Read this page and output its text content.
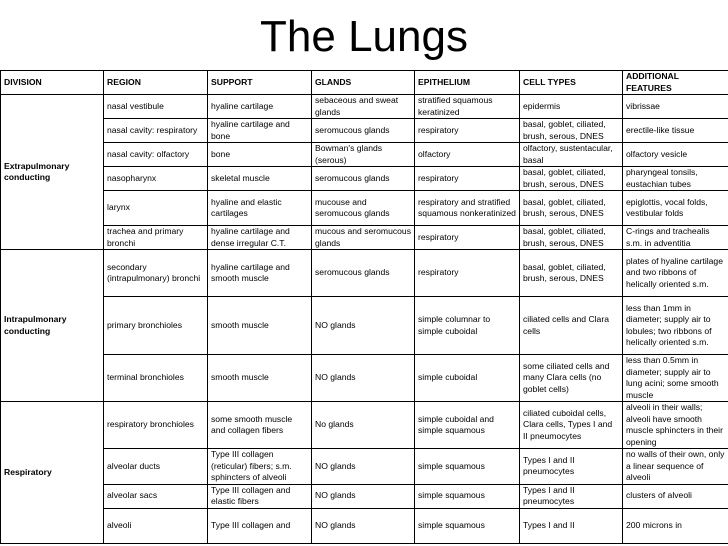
The Lungs
DIVISION	REGION	SUPPORT	GLANDS	EPITHELIUM	CELL TYPES	ADDITIONAL FEATURES
Extrapulmonary conducting	nasal vestibule	hyaline cartilage	sebaceous and sweat glands	stratified squamous keratinized	epidermis	vibrissae
	nasal cavity: respiratory	hyaline cartilage and bone	seromucous glands	respiratory	basal, goblet, ciliated, brush, serous, DNES	erectile-like tissue
	nasal cavity: olfactory	bone	Bowman's glands (serous)	olfactory	olfactory, sustentacular, basal	olfactory vesicle
	nasopharynx	skeletal muscle	seromucous glands	respiratory	basal, goblet, ciliated, brush, serous, DNES	pharyngeal tonsils, eustachian tubes
	larynx	hyaline and elastic cartilages	mucouse and seromucous glands	respiratory and stratified squamous nonkeratinized	basal, goblet, ciliated, brush, serous, DNES	epiglottis, vocal folds, vestibular folds
	trachea and primary bronchi	hyaline cartilage and dense irregular C.T.	mucous and seromucous glands	respiratory	basal, goblet, ciliated, brush, serous, DNES	C-rings and trachealis s.m. in adventitia
Intrapulmonary conducting	secondary (intrapulmonary) bronchi	hyaline cartilage and smooth muscle	seromucous glands	respiratory	basal, goblet, ciliated, brush, serous, DNES	plates of hyaline cartilage and two ribbons of helically oriented s.m.
	primary bronchioles	smooth muscle	NO glands	simple columnar to simple cuboidal	ciliated cells and Clara cells	less than 1mm in diameter; supply air to lobules; two ribbons of helically oriented s.m.
	terminal bronchioles	smooth muscle	NO glands	simple cuboidal	some ciliated cells and many Clara cells (no goblet cells)	less than 0.5mm in diameter; supply air to lung acini; some smooth muscle
Respiratory	respiratory bronchioles	some smooth muscle and collagen fibers	No glands	simple cuboidal and simple squamous	ciliated cuboidal cells, Clara cells, Types I and II pneumocytes	alveoli in their walls; alveoli have smooth muscle sphincters in their opening
	alveolar ducts	Type III collagen (reticular) fibers; s.m. sphincters of alveoli	NO glands	simple squamous	Types I and II pneumocytes	no walls of their own, only a linear sequence of alveoli
	alveolar sacs	Type III collagen and elastic fibers	NO glands	simple squamous	Types I and II pneumocytes	clusters of alveoli
	alveoli	Type III collagen and	NO glands	simple squamous	Types I and II	200 microns in
